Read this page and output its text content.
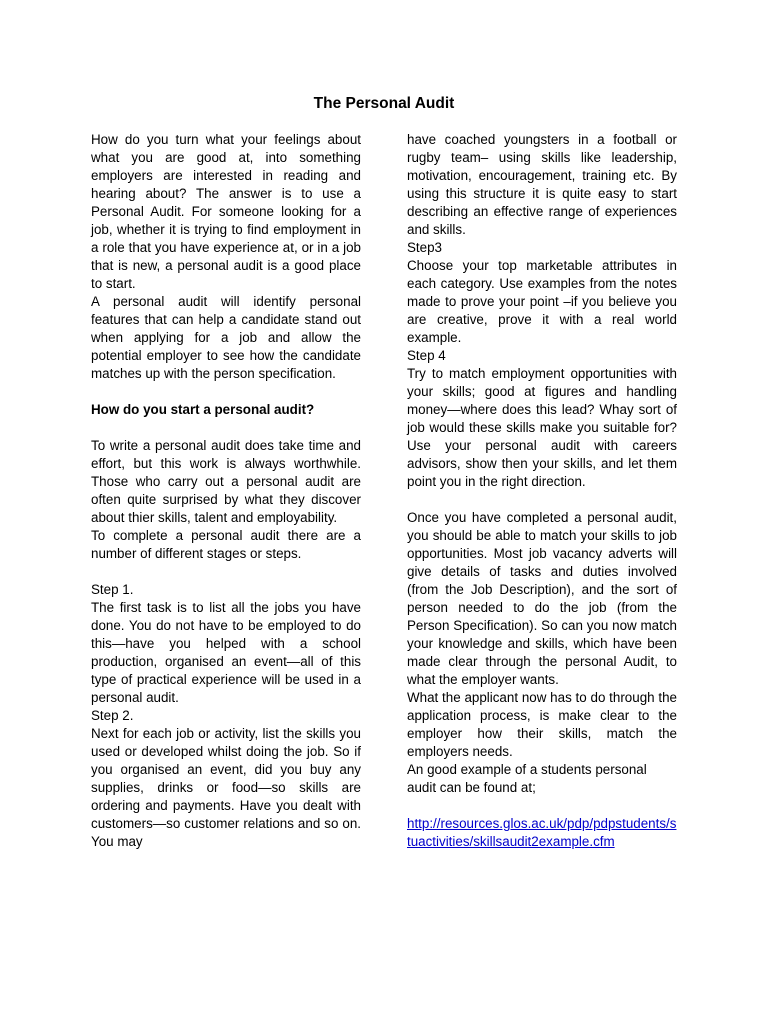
The Personal Audit

How do you turn what your feelings about what you are good at, into something employers are interested in reading and hearing about? The answer is to use a Personal Audit. For someone looking for a job, whether it is trying to find employment in a role that you have experience at, or in a job that is new, a personal audit is a good place to start.

A personal audit will identify personal features that can help a candidate stand out when applying for a job and allow the potential employer to see how the candidate matches up with the person specification.

How do you start a personal audit?

To write a personal audit does take time and effort, but this work is always worthwhile. Those who carry out a personal audit are often quite surprised by what they discover about thier skills, talent and employability.

To complete a personal audit there are a number of different stages or steps.

Step 1.

The first task is to list all the jobs you have done. You do not have to be employed to do this—have you helped with a school production, organised an event—all of this type of practical experience will be used in a personal audit.

Step 2.

Next for each job or activity, list the skills you used or developed whilst doing the job. So if you organised an event, did you buy any supplies, drinks or food—so skills are ordering and payments. Have you dealt with customers—so customer relations and so on. You may

have coached youngsters in a football or rugby team– using skills like leadership, motivation, encouragement, training etc. By using this structure it is quite easy to start describing an effective range of experiences and skills.

Step3

Choose your top marketable attributes in each category. Use examples from the notes made to prove your point –if you believe you are creative, prove it with a real world example.

Step 4

Try to match employment opportunities with your skills; good at figures and handling money—where does this lead? Whay sort of job would these skills make you suitable for? Use your personal audit with careers advisors, show then your skills, and let them point you in the right direction.

Once you have completed a personal audit, you should be able to match your skills to job opportunities. Most job vacancy adverts will give details of tasks and duties involved (from the Job Description), and the sort of person needed to do the job (from the Person Specification). So can you now match your knowledge and skills, which have been made clear through the personal Audit, to what the employer wants.

What the applicant now has to do through the application process, is make clear to the employer how their skills, match the employers needs.

An good example of a students personal audit can be found at;

http://resources.glos.ac.uk/pdp/pdpstudents/stuactivities/skillsaudit2example.cfm
